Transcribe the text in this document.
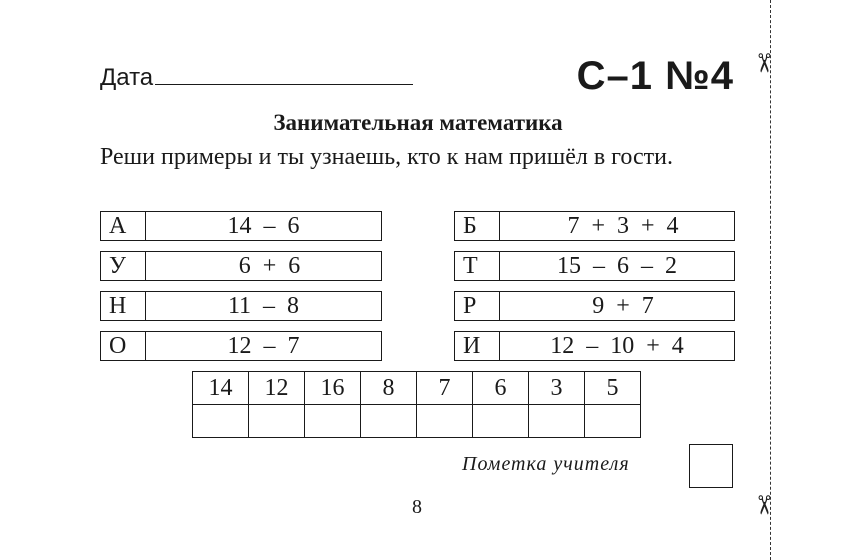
Дата	С–1 №4
Занимательная математика
Реши примеры и ты узнаешь, кто к нам пришёл в гости.
А	14  –  6
У	6  +  6
Н	11  –  8
О	12  –  7
Б	7  +  3  +  4
Т	15  –  6  –  2
Р	9  +  7
И	12  –  10  +  4
14	12	16	8	7	6	3	5

Пометка учителя
8
✂
✂
